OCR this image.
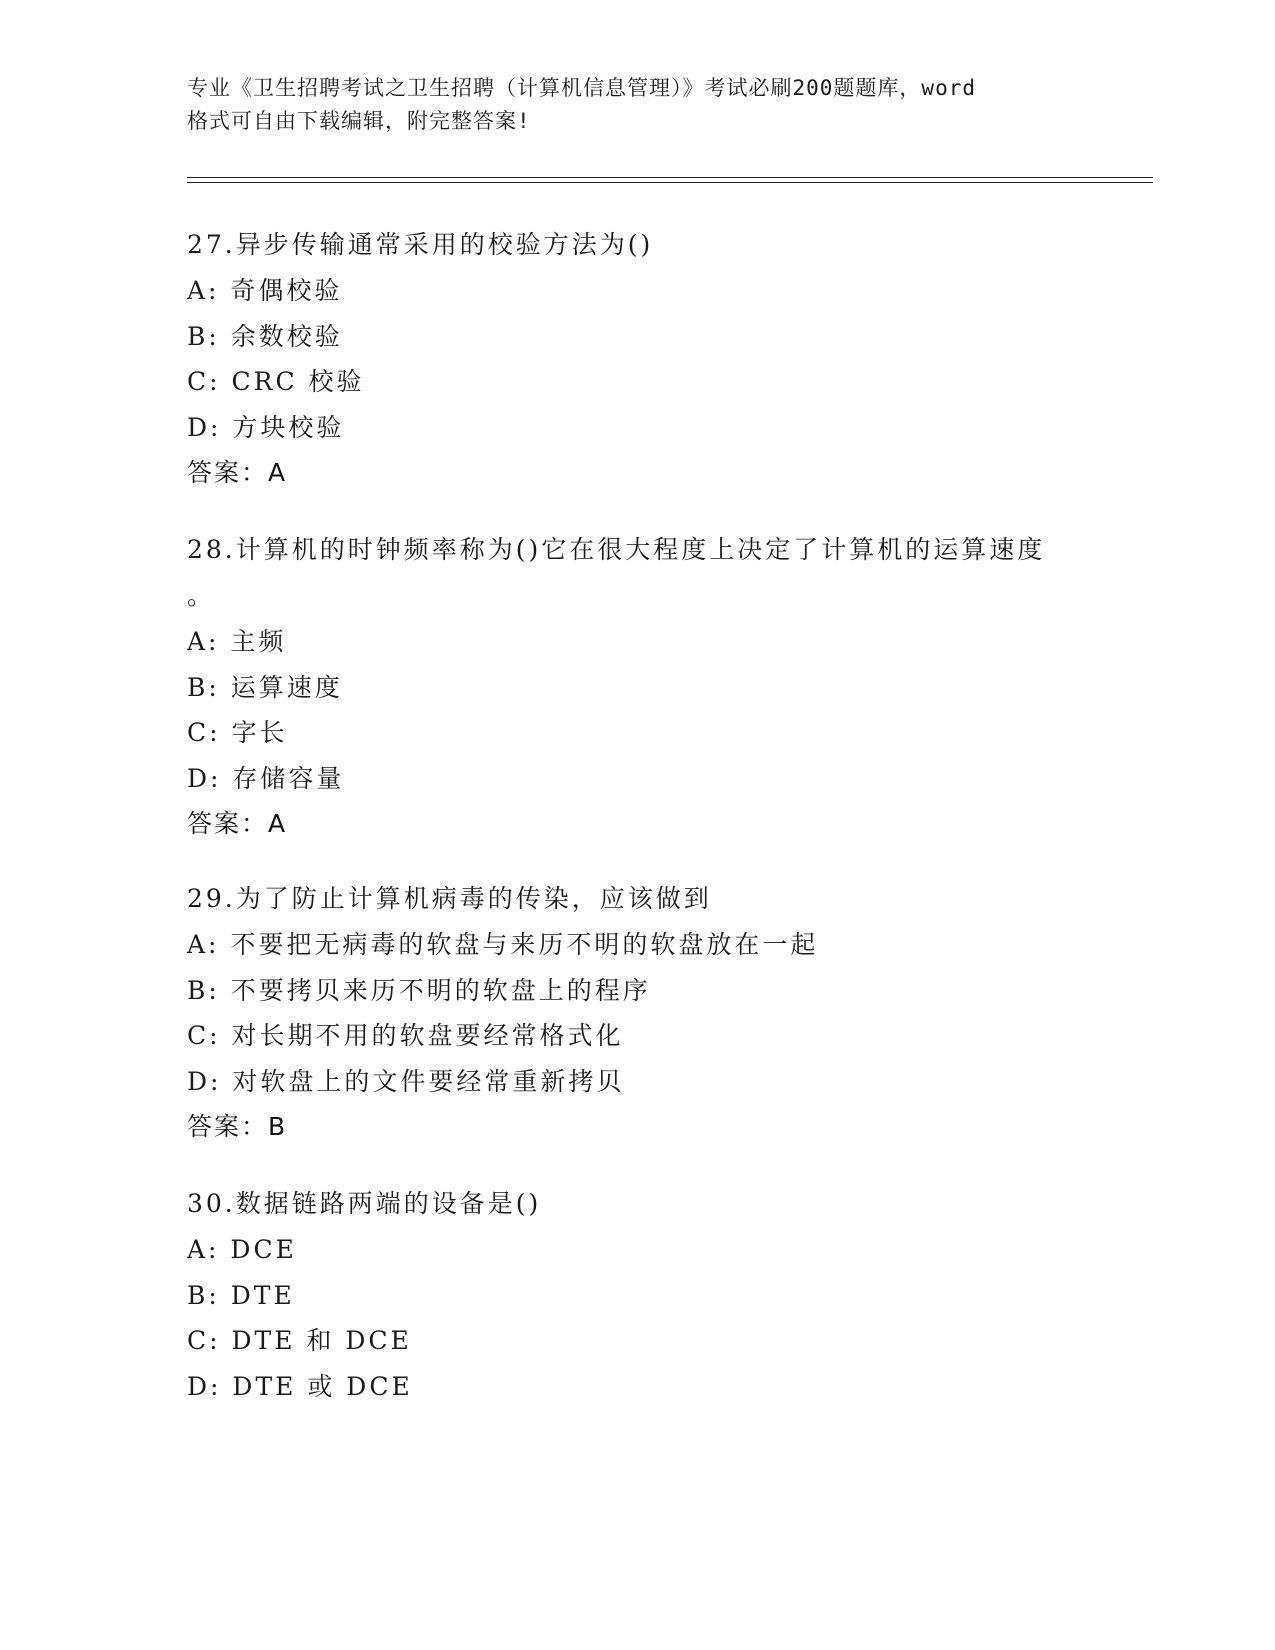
专业《卫生招聘考试之卫生招聘（计算机信息管理）》考试必刷200题题库，word
格式可自由下载编辑，附完整答案!

27.异步传输通常采用的校验方法为()

A: 奇偶校验

B: 余数校验

C: CRC 校验

D: 方块校验

答案：A

28.计算机的时钟频率称为()它在很大程度上决定了计算机的运算速度

。

A: 主频

B: 运算速度

C: 字长

D: 存储容量

答案：A

29.为了防止计算机病毒的传染，应该做到

A: 不要把无病毒的软盘与来历不明的软盘放在一起

B: 不要拷贝来历不明的软盘上的程序

C: 对长期不用的软盘要经常格式化

D: 对软盘上的文件要经常重新拷贝

答案：B

30.数据链路两端的设备是()

A: DCE

B: DTE

C: DTE 和 DCE

D: DTE 或 DCE
